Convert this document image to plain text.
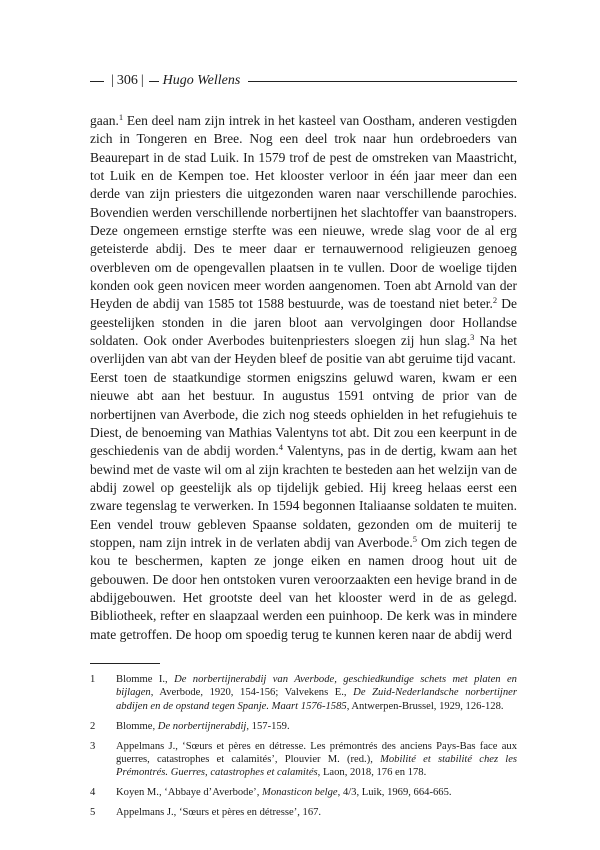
| 306 | Hugo Wellens

gaan.$^1$ Een deel nam zijn intrek in het kasteel van Oostham, anderen vestigden zich in Tongeren en Bree. Nog een deel trok naar hun ordebroeders van Beaurepart in de stad Luik. In 1579 trof de pest de omstreken van Maastricht, tot Luik en de Kempen toe. Het klooster verloor in één jaar meer dan een derde van zijn priesters die uitgezonden waren naar verschillende parochies. Bovendien werden verschillende norbertijnen het slachtoffer van baanstropers. Deze ongemeen ernstige sterfte was een nieuwe, wrede slag voor de al erg geteisterde abdij. Des te meer daar er ternauwernood religieuzen genoeg overbleven om de opengevallen plaatsen in te vullen. Door de woelige tijden konden ook geen novicen meer worden aangenomen. Toen abt Arnold van der Heyden de abdij van 1585 tot 1588 bestuurde, was de toestand niet beter.$^2$ De geestelijken stonden in die jaren bloot aan vervolgingen door Hollandse soldaten. Ook onder Averbodes buitenpriesters sloegen zij hun slag.$^3$ Na het overlijden van abt van der Heyden bleef de positie van abt geruime tijd vacant.

Eerst toen de staatkundige stormen enigszins geluwd waren, kwam er een nieuwe abt aan het bestuur. In augustus 1591 ontving de prior van de norbertijnen van Averbode, die zich nog steeds ophielden in het refugiehuis te Diest, de benoeming van Mathias Valentyns tot abt. Dit zou een keerpunt in de geschiedenis van de abdij worden.$^4$ Valentyns, pas in de dertig, kwam aan het bewind met de vaste wil om al zijn krachten te besteden aan het welzijn van de abdij zowel op geestelijk als op tijdelijk gebied. Hij kreeg helaas eerst een zware tegenslag te verwerken. In 1594 begonnen Italiaanse soldaten te muiten. Een vendel trouw gebleven Spaanse soldaten, gezonden om de muiterij te stoppen, nam zijn intrek in de verlaten abdij van Averbode.$^5$ Om zich tegen de kou te beschermen, kapten ze jonge eiken en namen droog hout uit de gebouwen. De door hen ontstoken vuren veroorzaakten een hevige brand in de abdijgebouwen. Het grootste deel van het klooster werd in de as gelegd. Bibliotheek, refter en slaapzaal werden een puinhoop. De kerk was in mindere mate getroffen. De hoop om spoedig terug te kunnen keren naar de abdij werd

1	Blomme I., De norbertijnerabdij van Averbode, geschiedkundige schets met platen en bijlagen, Averbode, 1920, 154-156; Valvekens E., De Zuid-Nederlandsche norbertijner abdijen en de opstand tegen Spanje. Maart 1576-1585, Antwerpen-Brussel, 1929, 126-128.
2	Blomme, De norbertijnerabdij, 157-159.
3	Appelmans J., ‘Sœurs et pères en détresse. Les prémontrés des anciens Pays-Bas face aux guerres, catastrophes et calamités’, Plouvier M. (red.), Mobilité et stabilité chez les Prémontrés. Guerres, catastrophes et calamités, Laon, 2018, 176 en 178.
4	Koyen M., ‘Abbaye d’Averbode’, Monasticon belge, 4/3, Luik, 1969, 664-665.
5	Appelmans J., ‘Sœurs et pères en détresse’, 167.
